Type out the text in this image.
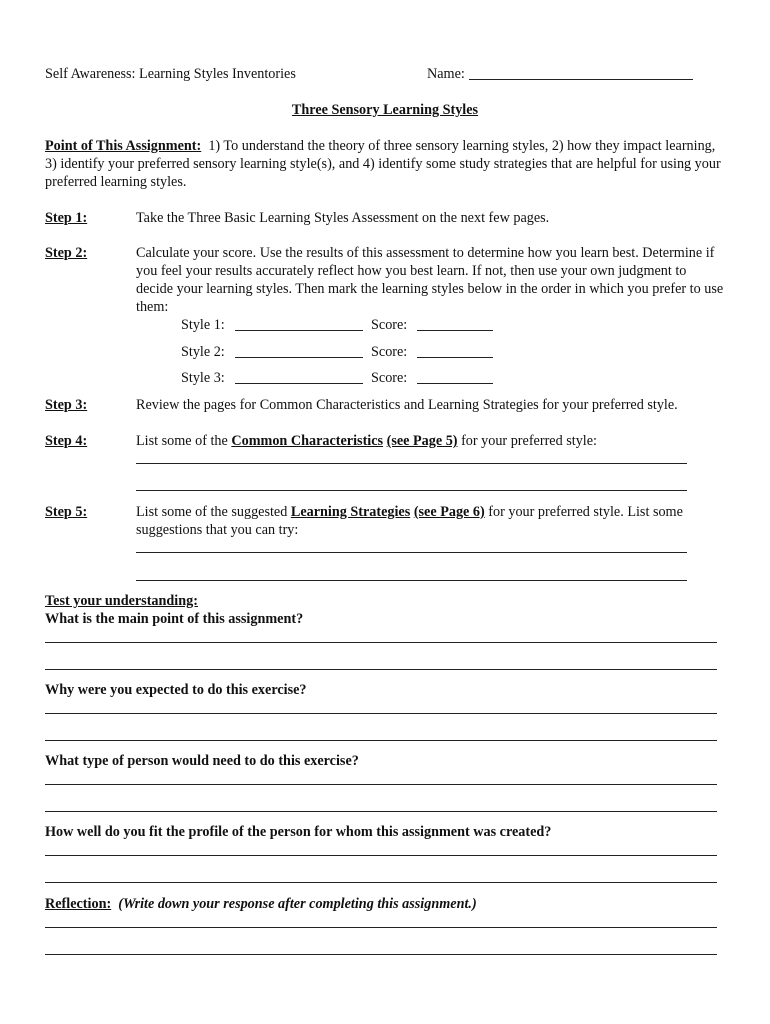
Self Awareness: Learning Styles Inventories	Name:
Three Sensory Learning Styles
Point of This Assignment: 1) To understand the theory of three sensory learning styles, 2) how they impact learning, 3) identify your preferred sensory learning style(s), and 4) identify some study strategies that are helpful for using your preferred learning styles.
Step 1:	Take the Three Basic Learning Styles Assessment on the next few pages.
Step 2:	Calculate your score. Use the results of this assessment to determine how you learn best. Determine if you feel your results accurately reflect how you best learn. If not, then use your own judgment to decide your learning styles. Then mark the learning styles below in the order in which you prefer to use them:
Style 1:	Score:
Style 2:	Score:
Style 3:	Score:
Step 3:	Review the pages for Common Characteristics and Learning Strategies for your preferred style.
Step 4:	List some of the Common Characteristics (see Page 5) for your preferred style:
Step 5:	List some of the suggested Learning Strategies (see Page 6) for your preferred style. List some suggestions that you can try:
Test your understanding:
What is the main point of this assignment?
Why were you expected to do this exercise?
What type of person would need to do this exercise?
How well do you fit the profile of the person for whom this assignment was created?
Reflection: (Write down your response after completing this assignment.)
